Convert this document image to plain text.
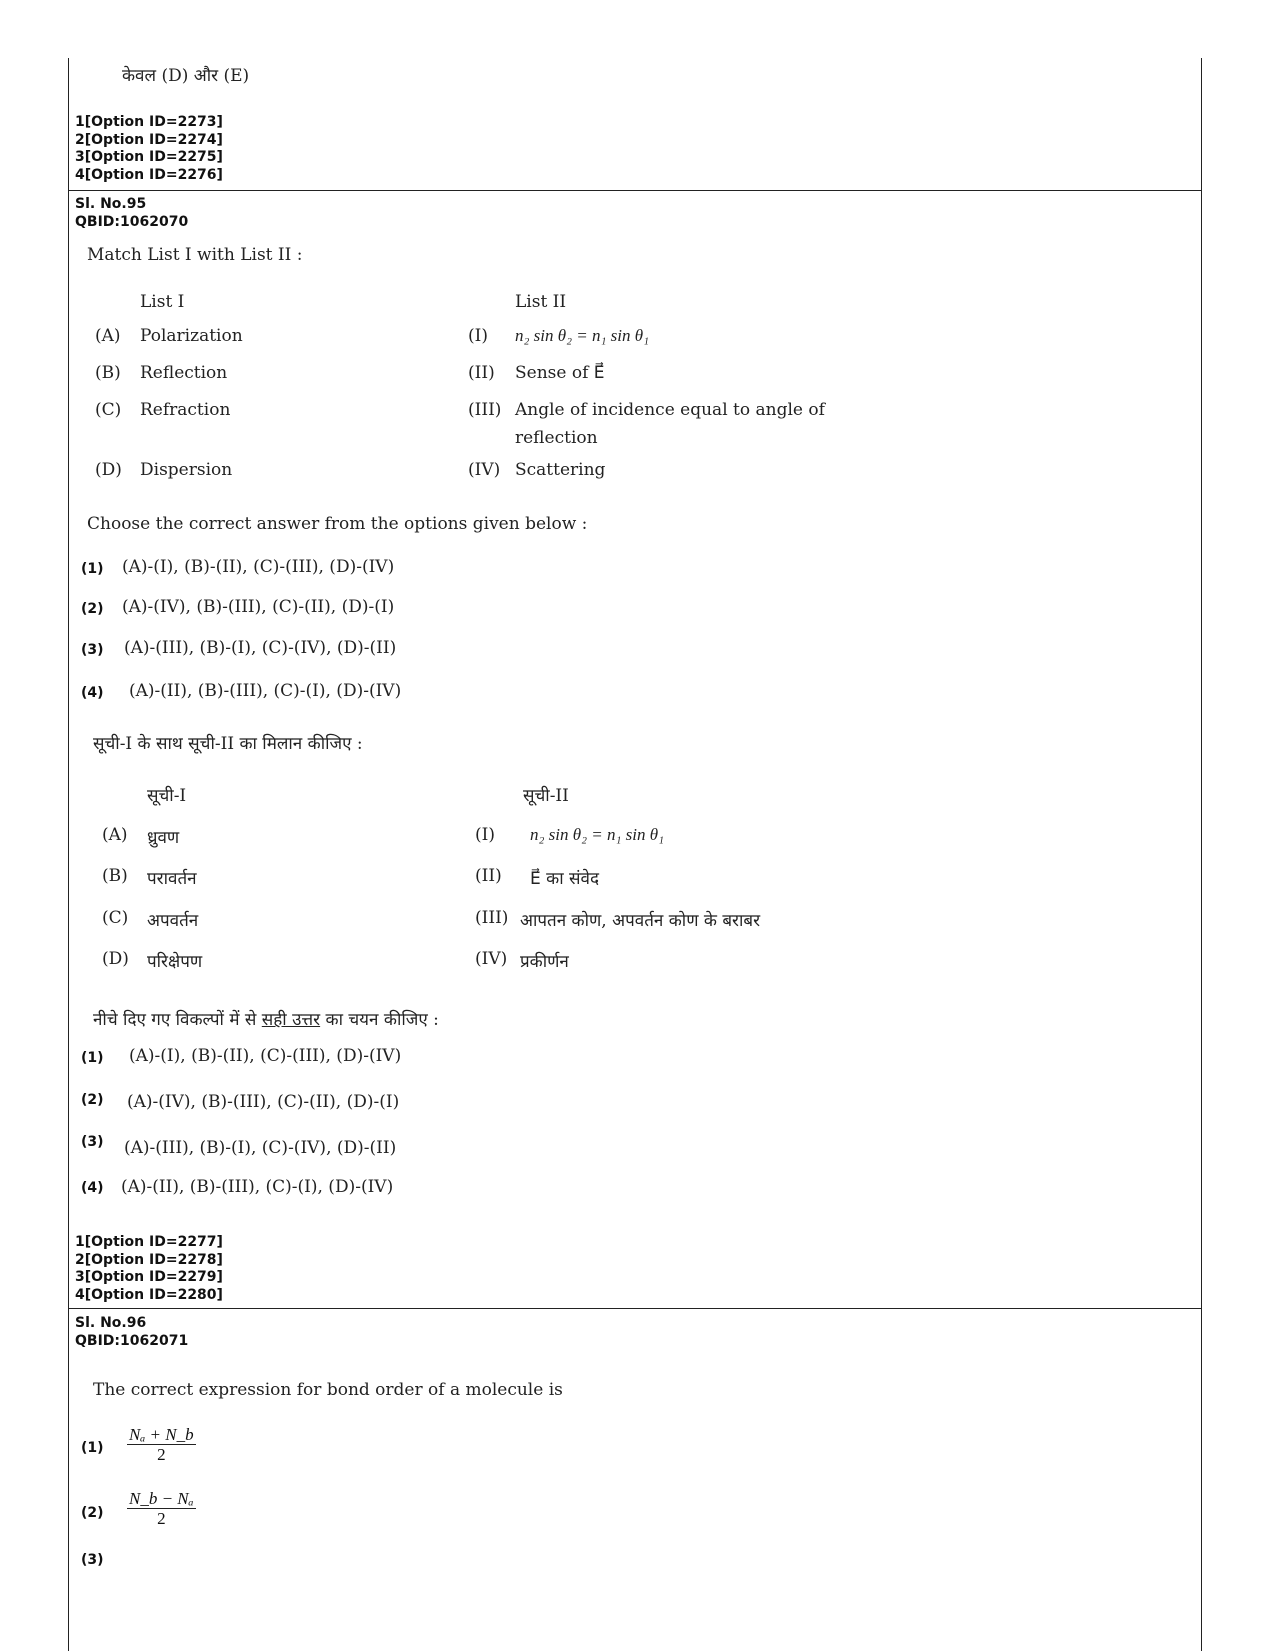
केवल (D) और (E)
1[Option ID=2273]
2[Option ID=2274]
3[Option ID=2275]
4[Option ID=2276]
Sl. No.95
QBID:1062070
Match List I with List II :
List I	List II
(A) Polarization
(B) Reflection
(C) Refraction
(D) Dispersion
(I) n₂ sin θ₂ = n₁ sin θ₁
(II) Sense of E⃗
(III) Angle of incidence equal to angle of
reflection
(IV) Scattering
Choose the correct answer from the options given below :
(1) (A)-(I), (B)-(II), (C)-(III), (D)-(IV)
(2) (A)-(IV), (B)-(III), (C)-(II), (D)-(I)
(3) (A)-(III), (B)-(I), (C)-(IV), (D)-(II)
(4) (A)-(II), (B)-(III), (C)-(I), (D)-(IV)
सूची-I के साथ सूची-II का मिलान कीजिए :
सूची-I	सूची-II
(A) ध्रुवण
(B) परावर्तन
(C) अपवर्तन
(D) परिक्षेपण
(I) n₂ sin θ₂ = n₁ sin θ₁
(II) E⃗ का संवेद
(III) आपतन कोण, अपवर्तन कोण के बराबर
(IV) प्रकीर्णन
नीचे दिए गए विकल्पों में से सही उत्तर का चयन कीजिए :
(1) (A)-(I), (B)-(II), (C)-(III), (D)-(IV)
(2) (A)-(IV), (B)-(III), (C)-(II), (D)-(I)
(3) (A)-(III), (B)-(I), (C)-(IV), (D)-(II)
(4) (A)-(II), (B)-(III), (C)-(I), (D)-(IV)
1[Option ID=2277]
2[Option ID=2278]
3[Option ID=2279]
4[Option ID=2280]
Sl. No.96
QBID:1062071
The correct expression for bond order of a molecule is
$(1) \frac{\text{Nₐ + N\_b}}{2}$
$(2) \frac{\text{N\_b − Nₐ}}{2}$
(3)
